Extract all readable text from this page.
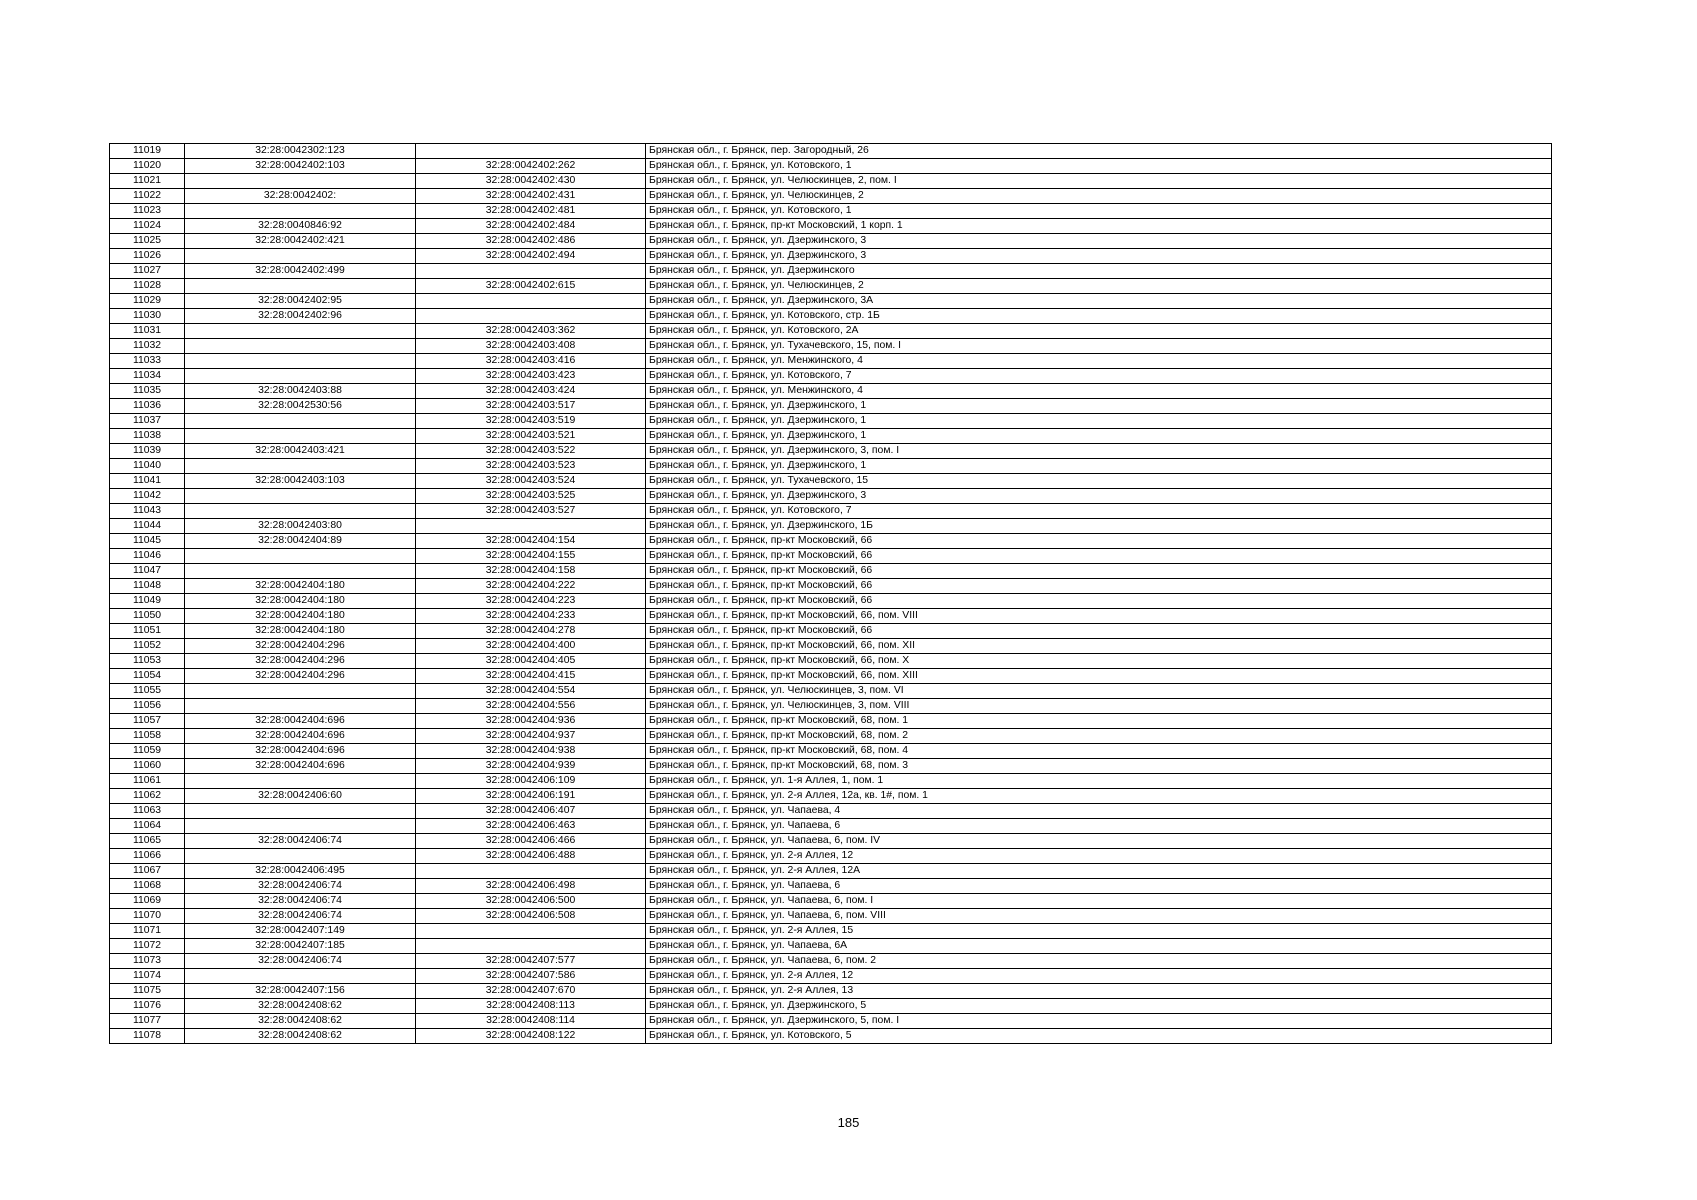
11019	32:28:0042302:123		Брянская обл., г. Брянск, пер. Загородный, 26
11020	32:28:0042402:103	32:28:0042402:262	Брянская обл., г. Брянск, ул. Котовского, 1
11021		32:28:0042402:430	Брянская обл., г. Брянск, ул. Челюскинцев, 2, пом. I
11022	32:28:0042402:	32:28:0042402:431	Брянская обл., г. Брянск, ул. Челюскинцев, 2
11023		32:28:0042402:481	Брянская обл., г. Брянск, ул. Котовского, 1
11024	32:28:0040846:92	32:28:0042402:484	Брянская обл., г. Брянск, пр-кт Московский, 1 корп. 1
11025	32:28:0042402:421	32:28:0042402:486	Брянская обл., г. Брянск, ул. Дзержинского, 3
11026		32:28:0042402:494	Брянская обл., г. Брянск, ул. Дзержинского, 3
11027	32:28:0042402:499		Брянская обл., г. Брянск, ул. Дзержинского
11028		32:28:0042402:615	Брянская обл., г. Брянск, ул. Челюскинцев, 2
11029	32:28:0042402:95		Брянская обл., г. Брянск, ул. Дзержинского, 3А
11030	32:28:0042402:96		Брянская обл., г. Брянск, ул. Котовского, стр. 1Б
11031		32:28:0042403:362	Брянская обл., г. Брянск, ул. Котовского, 2А
11032		32:28:0042403:408	Брянская обл., г. Брянск, ул. Тухачевского, 15, пом. I
11033		32:28:0042403:416	Брянская обл., г. Брянск, ул. Менжинского, 4
11034		32:28:0042403:423	Брянская обл., г. Брянск, ул. Котовского, 7
11035	32:28:0042403:88	32:28:0042403:424	Брянская обл., г. Брянск, ул. Менжинского, 4
11036	32:28:0042530:56	32:28:0042403:517	Брянская обл., г. Брянск, ул. Дзержинского, 1
11037		32:28:0042403:519	Брянская обл., г. Брянск, ул. Дзержинского, 1
11038		32:28:0042403:521	Брянская обл., г. Брянск, ул. Дзержинского, 1
11039	32:28:0042403:421	32:28:0042403:522	Брянская обл., г. Брянск, ул. Дзержинского, 3, пом. I
11040		32:28:0042403:523	Брянская обл., г. Брянск, ул. Дзержинского, 1
11041	32:28:0042403:103	32:28:0042403:524	Брянская обл., г. Брянск, ул. Тухачевского, 15
11042		32:28:0042403:525	Брянская обл., г. Брянск, ул. Дзержинского, 3
11043		32:28:0042403:527	Брянская обл., г. Брянск, ул. Котовского, 7
11044	32:28:0042403:80		Брянская обл., г. Брянск, ул. Дзержинского, 1Б
11045	32:28:0042404:89	32:28:0042404:154	Брянская обл., г. Брянск, пр-кт Московский, 66
11046		32:28:0042404:155	Брянская обл., г. Брянск, пр-кт Московский, 66
11047		32:28:0042404:158	Брянская обл., г. Брянск, пр-кт Московский, 66
11048	32:28:0042404:180	32:28:0042404:222	Брянская обл., г. Брянск, пр-кт Московский, 66
11049	32:28:0042404:180	32:28:0042404:223	Брянская обл., г. Брянск, пр-кт Московский, 66
11050	32:28:0042404:180	32:28:0042404:233	Брянская обл., г. Брянск, пр-кт Московский, 66, пом. VIII
11051	32:28:0042404:180	32:28:0042404:278	Брянская обл., г. Брянск, пр-кт Московский, 66
11052	32:28:0042404:296	32:28:0042404:400	Брянская обл., г. Брянск, пр-кт Московский, 66, пом. XII
11053	32:28:0042404:296	32:28:0042404:405	Брянская обл., г. Брянск, пр-кт Московский, 66, пом. X
11054	32:28:0042404:296	32:28:0042404:415	Брянская обл., г. Брянск, пр-кт Московский, 66, пом. XIII
11055		32:28:0042404:554	Брянская обл., г. Брянск, ул. Челюскинцев, 3, пом. VI
11056		32:28:0042404:556	Брянская обл., г. Брянск, ул. Челюскинцев, 3, пом. VIII
11057	32:28:0042404:696	32:28:0042404:936	Брянская обл., г. Брянск, пр-кт Московский, 68, пом. 1
11058	32:28:0042404:696	32:28:0042404:937	Брянская обл., г. Брянск, пр-кт Московский, 68, пом. 2
11059	32:28:0042404:696	32:28:0042404:938	Брянская обл., г. Брянск, пр-кт Московский, 68, пом. 4
11060	32:28:0042404:696	32:28:0042404:939	Брянская обл., г. Брянск, пр-кт Московский, 68, пом. 3
11061		32:28:0042406:109	Брянская обл., г. Брянск, ул. 1-я Аллея, 1, пом. 1
11062	32:28:0042406:60	32:28:0042406:191	Брянская обл., г. Брянск, ул. 2-я Аллея, 12а, кв. 1#, пом. 1
11063		32:28:0042406:407	Брянская обл., г. Брянск, ул. Чапаева, 4
11064		32:28:0042406:463	Брянская обл., г. Брянск, ул. Чапаева, 6
11065	32:28:0042406:74	32:28:0042406:466	Брянская обл., г. Брянск, ул. Чапаева, 6, пом. IV
11066		32:28:0042406:488	Брянская обл., г. Брянск, ул. 2-я Аллея, 12
11067	32:28:0042406:495		Брянская обл., г. Брянск, ул. 2-я Аллея, 12А
11068	32:28:0042406:74	32:28:0042406:498	Брянская обл., г. Брянск, ул. Чапаева, 6
11069	32:28:0042406:74	32:28:0042406:500	Брянская обл., г. Брянск, ул. Чапаева, 6, пом. I
11070	32:28:0042406:74	32:28:0042406:508	Брянская обл., г. Брянск, ул. Чапаева, 6, пом. VIII
11071	32:28:0042407:149		Брянская обл., г. Брянск, ул. 2-я Аллея, 15
11072	32:28:0042407:185		Брянская обл., г. Брянск, ул. Чапаева, 6А
11073	32:28:0042406:74	32:28:0042407:577	Брянская обл., г. Брянск, ул. Чапаева, 6, пом. 2
11074		32:28:0042407:586	Брянская обл., г. Брянск, ул. 2-я Аллея, 12
11075	32:28:0042407:156	32:28:0042407:670	Брянская обл., г. Брянск, ул. 2-я Аллея, 13
11076	32:28:0042408:62	32:28:0042408:113	Брянская обл., г. Брянск, ул. Дзержинского, 5
11077	32:28:0042408:62	32:28:0042408:114	Брянская обл., г. Брянск, ул. Дзержинского, 5, пом. I
11078	32:28:0042408:62	32:28:0042408:122	Брянская обл., г. Брянск, ул. Котовского, 5
185
